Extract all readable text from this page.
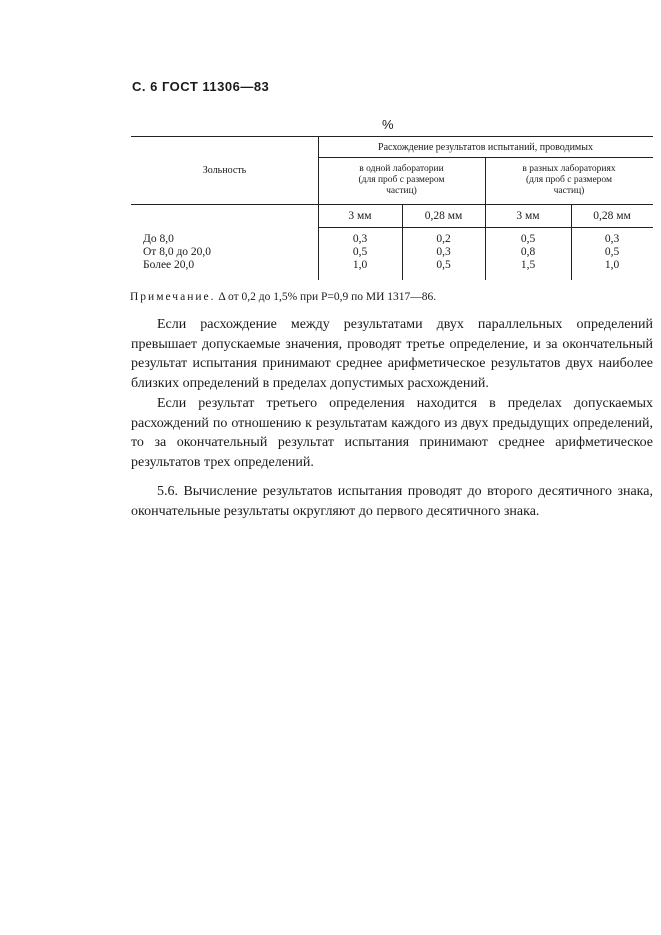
С. 6 ГОСТ 11306—83
%
Зольность
Расхождение результатов испытаний, проводимых
в одной лаборатории
(для проб с размером
частиц)
в разных лабораториях
(для проб с размером
частиц)
3 мм	0,28 мм	3 мм	0,28 мм
До 8,0	0,3	0,2	0,5	0,3
От 8,0 до 20,0	0,5	0,3	0,8	0,5
Более 20,0	1,0	0,5	1,5	1,0
Примечание. Δ от 0,2 до 1,5% при P=0,9 по МИ 1317—86.
Если расхождение между результатами двух параллельных определений превышает допускаемые значения, проводят третье определение, и за окончательный результат испытания принимают среднее арифметическое результатов двух наиболее близких определений в пределах допустимых расхождений.
Если результат третьего определения находится в пределах допускаемых расхождений по отношению к результатам каждого из двух предыдущих определений, то за окончательный результат испытания принимают среднее арифметическое результатов трех определений.
5.6. Вычисление результатов испытания проводят до второго десятичного знака, окончательные результаты округляют до первого десятичного знака.
